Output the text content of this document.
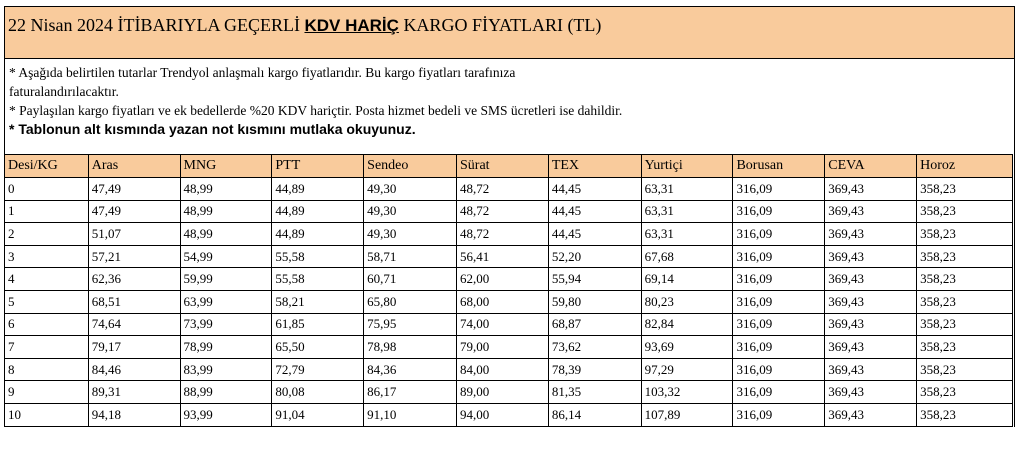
22 Nisan 2024 İTİBARIYLA GEÇERLİ KDV HARİÇ KARGO FİYATLARI (TL)
* Aşağıda belirtilen tutarlar Trendyol anlaşmalı kargo fiyatlarıdır. Bu kargo fiyatları tarafınıza
faturalandırılacaktır.
* Paylaşılan kargo fiyatları ve ek bedellerde %20 KDV hariçtir. Posta hizmet bedeli ve SMS ücretleri ise dahildir.
* Tablonun alt kısmında yazan not kısmını mutlaka okuyunuz.
Desi/KG	Aras	MNG	PTT	Sendeo	Sürat	TEX	Yurtiçi	Borusan	CEVA	Horoz
0	47,49	48,99	44,89	49,30	48,72	44,45	63,31	316,09	369,43	358,23
1	47,49	48,99	44,89	49,30	48,72	44,45	63,31	316,09	369,43	358,23
2	51,07	48,99	44,89	49,30	48,72	44,45	63,31	316,09	369,43	358,23
3	57,21	54,99	55,58	58,71	56,41	52,20	67,68	316,09	369,43	358,23
4	62,36	59,99	55,58	60,71	62,00	55,94	69,14	316,09	369,43	358,23
5	68,51	63,99	58,21	65,80	68,00	59,80	80,23	316,09	369,43	358,23
6	74,64	73,99	61,85	75,95	74,00	68,87	82,84	316,09	369,43	358,23
7	79,17	78,99	65,50	78,98	79,00	73,62	93,69	316,09	369,43	358,23
8	84,46	83,99	72,79	84,36	84,00	78,39	97,29	316,09	369,43	358,23
9	89,31	88,99	80,08	86,17	89,00	81,35	103,32	316,09	369,43	358,23
10	94,18	93,99	91,04	91,10	94,00	86,14	107,89	316,09	369,43	358,23
